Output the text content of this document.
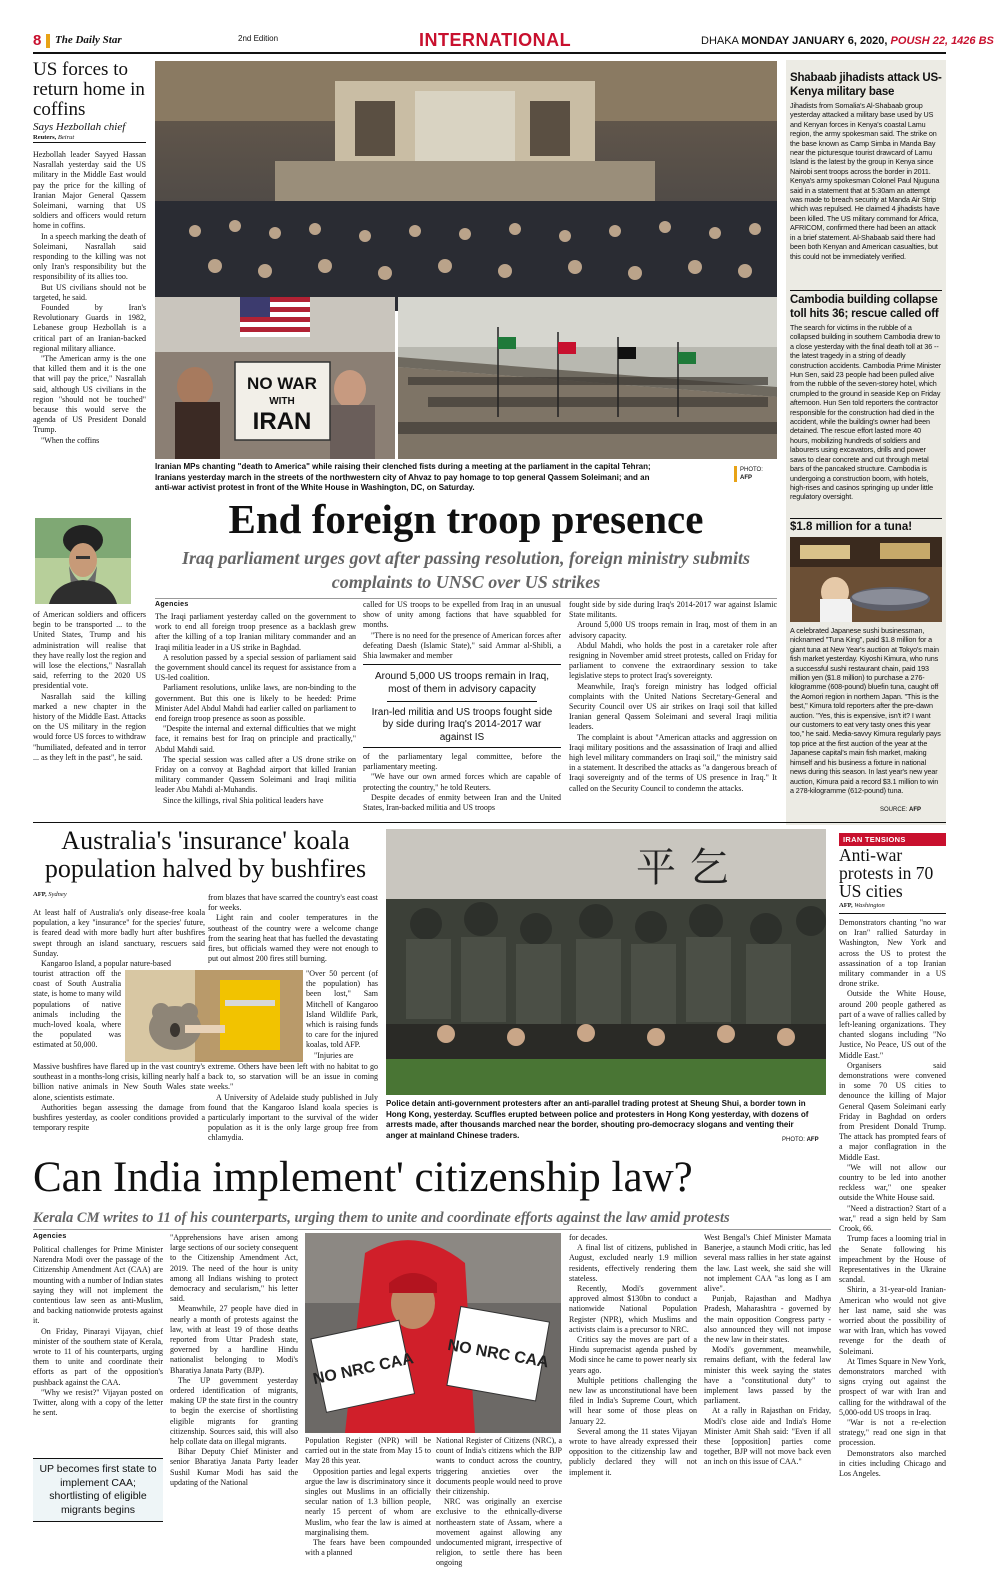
8 The Daily Star	2nd Edition	INTERNATIONAL	DHAKA MONDAY JANUARY 6, 2020, POUSH 22, 1426 BS
US forces to return home in coffins
Says Hezbollah chief
Reuters, Beirut

Hezbollah leader Sayyed Hassan Nasrallah yesterday said the US military in the Middle East would pay the price for the killing of Iranian Major General Qassem Soleimani, warning that US soldiers and officers would return home in coffins.

In a speech marking the death of Soleimani, Nasrallah said responding to the killing was not only Iran's responsibility but the responsibility of its allies too.

But US civilians should not be targeted, he said.

Founded by Iran's Revolutionary Guards in 1982, Lebanese group Hezbollah is a critical part of an Iranian-backed regional military alliance.

"The American army is the one that killed them and it is the one that will pay the price," Nasrallah said, although US civilians in the region "should not be touched" because this would serve the agenda of US President Donald Trump.

"When the coffins

of American soldiers and officers begin to be transported ... to the United States, Trump and his administration will realise that they have really lost the region and will lose the elections," Nasrallah said, referring to the 2020 US presidential vote.

Nasrallah said the killing marked a new chapter in the history of the Middle East. Attacks on the US military in the region would force US forces to withdraw "humiliated, defeated and in terror ... as they left in the past", he said.

NO WAR
WITH
IRAN
Iranian MPs chanting "death to America" while raising their clenched fists during a meeting at the parliament in the capital Tehran; Iranians yesterday march in the streets of the northwestern city of Ahvaz to pay homage to top general Qassem Soleimani; and an anti-war activist protest in front of the White House in Washington, DC, on Saturday.
PHOTO:
AFP
End foreign troop presence
Iraq parliament urges govt after passing resolution, foreign ministry submits complaints to UNSC over US strikes
Agencies

The Iraqi parliament yesterday called on the government to work to end all foreign troop presence as a backlash grew after the killing of a top Iranian military commander and an Iraqi militia leader in a US strike in Baghdad.

A resolution passed by a special session of parliament said the government should cancel its request for assistance from a US-led coalition.

Parliament resolutions, unlike laws, are non-binding to the government. But this one is likely to be heeded: Prime Minister Adel Abdul Mahdi had earlier called on parliament to end foreign troop presence as soon as possible.

"Despite the internal and external difficulties that we might face, it remains best for Iraq on principle and practically," Abdul Mahdi said.

The special session was called after a US drone strike on Friday on a convoy at Baghdad airport that killed Iranian military commander Qassem Soleimani and Iraqi militia leader Abu Mahdi al-Muhandis.

Since the killings, rival Shia political leaders have

called for US troops to be expelled from Iraq in an unusual show of unity among factions that have squabbled for months.

"There is no need for the presence of American forces after defeating Daesh (Islamic State)," said Ammar al-Shibli, a Shia lawmaker and member

Around 5,000 US troops remain in Iraq, most of them in advisory capacity
Iran-led militia and US troops fought side by side during Iraq's 2014-2017 war against IS

of the parliamentary legal committee, before the parliamentary meeting.

"We have our own armed forces which are capable of protecting the country," he told Reuters.

Despite decades of enmity between Iran and the United States, Iran-backed militia and US troops

fought side by side during Iraq's 2014-2017 war against Islamic State militants.

Around 5,000 US troops remain in Iraq, most of them in an advisory capacity.

Abdul Mahdi, who holds the post in a caretaker role after resigning in November amid street protests, called on Friday for parliament to convene the extraordinary session to take legislative steps to protect Iraq's sovereignty.

Meanwhile, Iraq's foreign ministry has lodged official complaints with the United Nations Secretary-General and Security Council over US air strikes on Iraqi soil that killed Iranian general Qassem Soleimani and several Iraqi militia leaders.

The complaint is about "American attacks and aggression on Iraqi military positions and the assassination of Iraqi and allied high level military commanders on Iraqi soil," the ministry said in a statement. It described the attacks as "a dangerous breach of Iraqi sovereignty and of the terms of US presence in Iraq." It called on the Security Council to condemn the attacks.

Shabaab jihadists attack US-Kenya military base
Jihadists from Somalia's Al-Shabaab group yesterday attacked a military base used by US and Kenyan forces in Kenya's coastal Lamu region, the army spokesman said. The strike on the base known as Camp Simba in Manda Bay near the picturesque tourist drawcard of Lamu Island is the latest by the group in Kenya since Nairobi sent troops across the border in 2011. Kenya's army spokesman Colonel Paul Njuguna said in a statement that at 5:30am an attempt was made to breach security at Manda Air Strip which was repulsed. He claimed 4 jihadists have been killed. The US military command for Africa, AFRICOM, confirmed there had been an attack in a brief statement. Al-Shabaab said there had been both Kenyan and American casualties, but this could not be immediately verified.
Cambodia building collapse toll hits 36; rescue called off
The search for victims in the rubble of a collapsed building in southern Cambodia drew to a close yesterday with the final death toll at 36 -- the latest tragedy in a string of deadly construction accidents. Cambodia Prime Minister Hun Sen, said 23 people had been pulled alive from the rubble of the seven-storey hotel, which crumpled to the ground in seaside Kep on Friday afternoon. Hun Sen told reporters the contractor responsible for the construction had died in the accident, while the building's owner had been detained. The rescue effort lasted more 40 hours, mobilizing hundreds of soldiers and labourers using excavators, drills and power saws to clear concrete and cut through metal bars of the pancaked structure. Cambodia is undergoing a construction boom, with hotels, high-rises and casinos springing up under little regulatory oversight.
$1.8 million for a tuna!
A celebrated Japanese sushi businessman, nicknamed "Tuna King", paid $1.8 million for a giant tuna at New Year's auction at Tokyo's main fish market yesterday. Kiyoshi Kimura, who runs a successful sushi restaurant chain, paid 193 million yen ($1.8 million) to purchase a 276-kilogramme (608-pound) bluefin tuna, caught off the Aomori region in northern Japan. "This is the best," Kimura told reporters after the pre-dawn auction. "Yes, this is expensive, isn't it? I want our customers to eat very tasty ones this year too," he said. Media-savvy Kimura regularly pays top price at the first auction of the year at the Japanese capital's main fish market, making himself and his business a fixture in national news during this season. In last year's new year auction, Kimura paid a record $3.1 million to win a 278-kilogramme (612-pound) tuna.
SOURCE: AFP
Australia's 'insurance' koala population halved by bushfires
AFP, Sydney

At least half of Australia's only disease-free koala population, a key "insurance" for the species' future, is feared dead with more badly hurt after bushfires swept through an island sanctuary, rescuers said Sunday.

Kangaroo Island, a popular nature-based

tourist attraction off the coast of South Australia state, is home to many wild populations of native animals including the much-loved koala, where the populated was estimated at 50,000.

Massive bushfires have flared up in the vast country's southeast in a months-long crisis, killing nearly half a billion native animals in New South Wales state alone, scientists estimate.

Authorities began assessing the damage from bushfires yesterday, as cooler conditions provided a temporary respite

from blazes that have scarred the country's east coast for weeks.

Light rain and cooler temperatures in the southeast of the country were a welcome change from the searing heat that has fuelled the devastating fires, but officials warned they were not enough to put out almost 200 fires still burning.

"Over 50 percent (of the population) has been lost," Sam Mitchell of Kangaroo Island Wildlife Park, which is raising funds to care for the injured koalas, told AFP.

"Injuries are

extreme. Others have been left with no habitat to go back to, so starvation will be an issue in coming weeks."

A University of Adelaide study published in July found that the Kangaroo Island koala species is particularly important to the survival of the wider population as it is the only large group free from chlamydia.

平 乞
Police detain anti-government protesters after an anti-parallel trading protest at Sheung Shui, a border town in Hong Kong, yesterday. Scuffles erupted between police and protesters in Hong Kong yesterday, with dozens of arrests made, after thousands marched near the border, shouting pro-democracy slogans and venting their anger at mainland Chinese traders.
PHOTO: AFP
IRAN TENSIONS
Anti-war protests in 70 US cities
AFP, Washington

Demonstrators chanting "no war on Iran" rallied Saturday in Washington, New York and across the US to protest the assassination of a top Iranian military commander in a US drone strike.

Outside the White House, around 200 people gathered as part of a wave of rallies called by left-leaning organizations. They chanted slogans including "No Justice, No Peace, US out of the Middle East."

Organisers said demonstrations were convened in some 70 US cities to denounce the killing of Major General Qasem Soleimani early Friday in Baghdad on orders from President Donald Trump. The attack has prompted fears of a major conflagration in the Middle East.

"We will not allow our country to be led into another reckless war," one speaker outside the White House said.

"Need a distraction? Start of a war," read a sign held by Sam Crook, 66.

Trump faces a looming trial in the Senate following his impeachment by the House of Representatives in the Ukraine scandal.

Shirin, a 31-year-old Iranian-American who would not give her last name, said she was worried about the possibility of war with Iran, which has vowed revenge for the death of Soleimani.

At Times Square in New York, demonstrators marched with signs crying out against the prospect of war with Iran and calling for the withdrawal of the 5,000-odd US troops in Iraq.

"War is not a re-election strategy," read one sign in that procession.

Demonstrators also marched in cities including Chicago and Los Angeles.

Can India implement' citizenship law?
Kerala CM writes to 11 of his counterparts, urging them to unite and coordinate efforts against the law amid protests
Agencies

Political challenges for Prime Minister Narendra Modi over the passage of the Citizenship Amendment Act (CAA) are mounting with a number of Indian states saying they will not implement the contentious law seen as anti-Muslim, and backing nationwide protests against it.

On Friday, Pinarayi Vijayan, chief minister of the southern state of Kerala, wrote to 11 of his counterparts, urging them to unite and coordinate their efforts as part of the opposition's pushback against the CAA.

"Why we resist?" Vijayan posted on Twitter, along with a copy of the letter he sent.

UP becomes first state to implement CAA; shortlisting of eligible migrants begins

"Apprehensions have arisen among large sections of our society consequent to the Citizenship Amendment Act, 2019. The need of the hour is unity among all Indians wishing to protect democracy and secularism," his letter said.

Meanwhile, 27 people have died in nearly a month of protests against the law, with at least 19 of those deaths reported from Uttar Pradesh state, governed by a hardline Hindu nationalist belonging to Modi's Bharatiya Janata Party (BJP).

The UP government yesterday ordered identification of migrants, making UP the state first in the country to begin the exercise of shortlisting eligible migrants for granting citizenship. Sources said, this will also help collate data on illegal migrants.

Bihar Deputy Chief Minister and senior Bharatiya Janata Party leader Sushil Kumar Modi has said the updating of the National

NO NRC CAA NO NRC CAA

Population Register (NPR) will be carried out in the state from May 15 to May 28 this year.

Opposition parties and legal experts argue the law is discriminatory since it singles out Muslims in an officially secular nation of 1.3 billion people, nearly 15 percent of whom are Muslim, who fear the law is aimed at marginalising them.

The fears have been compounded with a planned

National Register of Citizens (NRC), a count of India's citizens which the BJP wants to conduct across the country, triggering anxieties over the documents people would need to prove their citizenship.

NRC was originally an exercise exclusive to the ethnically-diverse northeastern state of Assam, where a movement against allowing any undocumented migrant, irrespective of religion, to settle there has been ongoing

for decades.

A final list of citizens, published in August, excluded nearly 1.9 million residents, effectively rendering them stateless.

Recently, Modi's government approved almost $130bn to conduct a nationwide National Population Register (NPR), which Muslims and activists claim is a precursor to NRC.

Critics say the moves are part of a Hindu supremacist agenda pushed by Modi since he came to power nearly six years ago.

Multiple petitions challenging the new law as unconstitutional have been filed in India's Supreme Court, which will hear some of those pleas on January 22.

Several among the 11 states Vijayan wrote to have already expressed their opposition to the citizenship law and publicly declared they will not implement it.

West Bengal's Chief Minister Mamata Banerjee, a staunch Modi critic, has led several mass rallies in her state against the law. Last week, she said she will not implement CAA "as long as I am alive".

Punjab, Rajasthan and Madhya Pradesh, Maharashtra - governed by the main opposition Congress party - also announced they will not impose the new law in their states.

Modi's government, meanwhile, remains defiant, with the federal law minister this week saying the states have a "constitutional duty" to implement laws passed by the parliament.

At a rally in Rajasthan on Friday, Modi's close aide and India's Home Minister Amit Shah said: "Even if all these [opposition] parties come together, BJP will not move back even an inch on this issue of CAA."
